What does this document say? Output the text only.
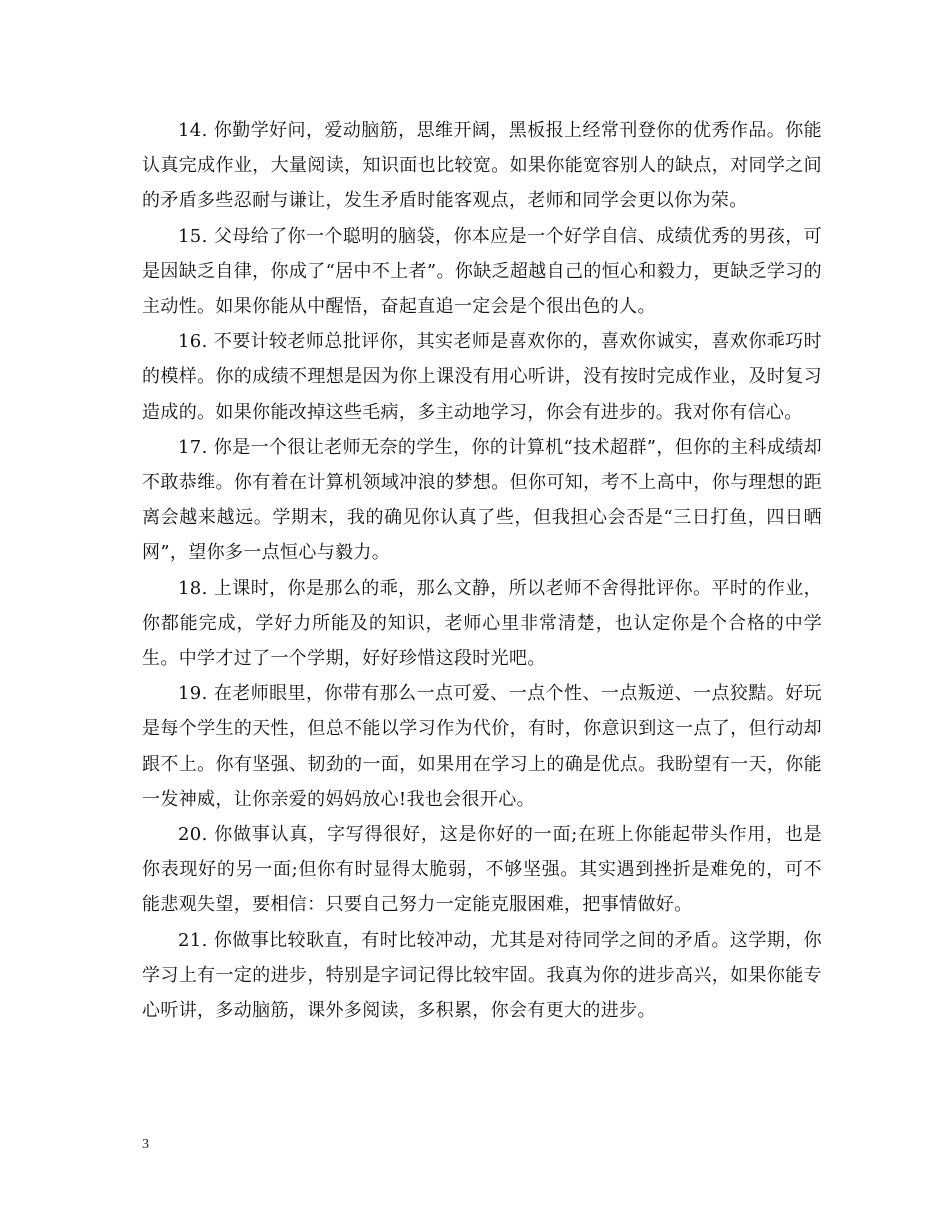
14. 你勤学好问，爱动脑筋，思维开阔，黑板报上经常刊登你的优秀作品。你能认真完成作业，大量阅读，知识面也比较宽。如果你能宽容别人的缺点，对同学之间的矛盾多些忍耐与谦让，发生矛盾时能客观点，老师和同学会更以你为荣。

15. 父母给了你一个聪明的脑袋，你本应是一个好学自信、成绩优秀的男孩，可是因缺乏自律，你成了“居中不上者”。你缺乏超越自己的恒心和毅力，更缺乏学习的主动性。如果你能从中醒悟，奋起直追一定会是个很出色的人。

16. 不要计较老师总批评你，其实老师是喜欢你的，喜欢你诚实，喜欢你乖巧时的模样。你的成绩不理想是因为你上课没有用心听讲，没有按时完成作业，及时复习造成的。如果你能改掉这些毛病，多主动地学习，你会有进步的。我对你有信心。

17. 你是一个很让老师无奈的学生，你的计算机“技术超群”，但你的主科成绩却不敢恭维。你有着在计算机领域冲浪的梦想。但你可知，考不上高中，你与理想的距离会越来越远。学期末，我的确见你认真了些，但我担心会否是“三日打鱼，四日晒网”，望你多一点恒心与毅力。

18. 上课时，你是那么的乖，那么文静，所以老师不舍得批评你。平时的作业，你都能完成，学好力所能及的知识，老师心里非常清楚，也认定你是个合格的中学生。中学才过了一个学期，好好珍惜这段时光吧。

19. 在老师眼里，你带有那么一点可爱、一点个性、一点叛逆、一点狡黠。好玩是每个学生的天性，但总不能以学习作为代价，有时，你意识到这一点了，但行动却跟不上。你有坚强、韧劲的一面，如果用在学习上的确是优点。我盼望有一天，你能一发神威，让你亲爱的妈妈放心!我也会很开心。

20. 你做事认真，字写得很好，这是你好的一面;在班上你能起带头作用，也是你表现好的另一面;但你有时显得太脆弱，不够坚强。其实遇到挫折是难免的，可不能悲观失望，要相信：只要自己努力一定能克服困难，把事情做好。

21. 你做事比较耿直，有时比较冲动，尤其是对待同学之间的矛盾。这学期，你学习上有一定的进步，特别是字词记得比较牢固。我真为你的进步高兴，如果你能专心听讲，多动脑筋，课外多阅读，多积累，你会有更大的进步。

3
